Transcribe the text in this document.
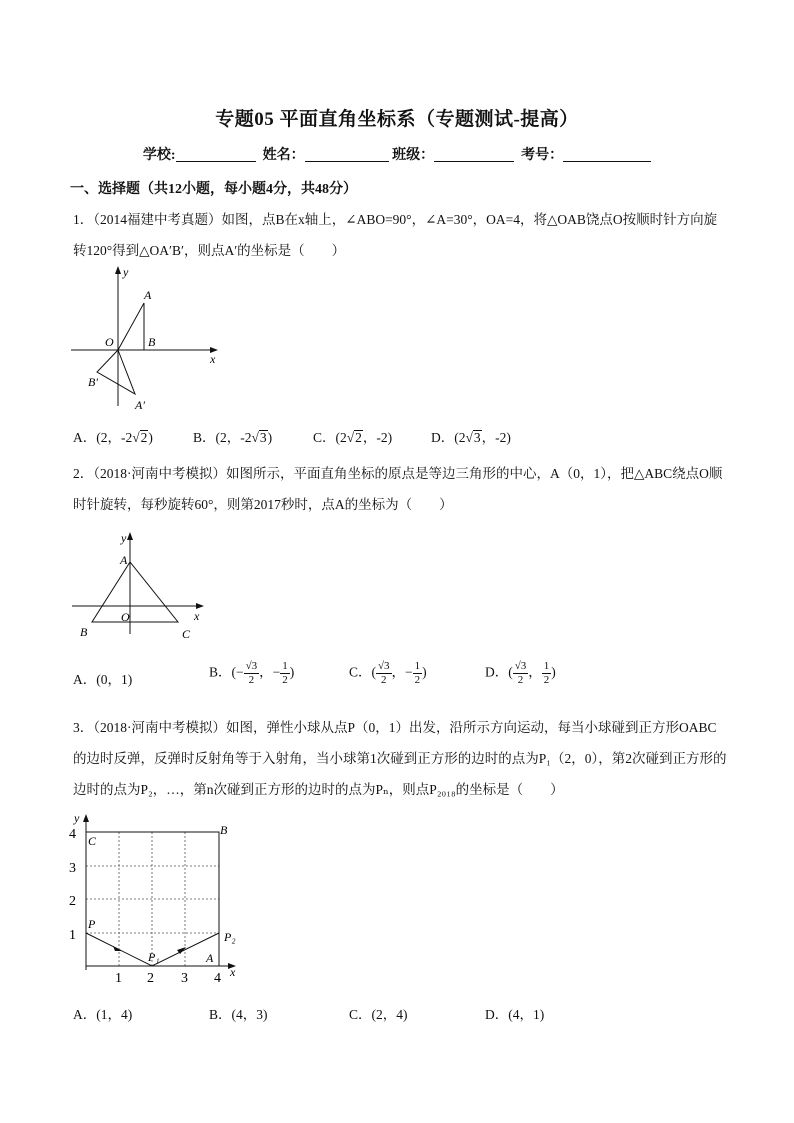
专题05 平面直角坐标系（专题测试-提高）
学校:	姓名：	班级：	考号：
一、选择题（共12小题，每小题4分，共48分）
1．（2014福建中考真题）如图，点B在x轴上，∠ABO=90°，∠A=30°，OA=4，将△OAB饶点O按顺时针方向旋转120°得到△OA′B′，则点A′的坐标是（　　）
y
x
O
A
B
B′
A′
A．(2，-2√2)	B．(2，-2√3)	C．(2√2，-2)	D．(2√3，-2)
2．（2018·河南中考模拟）如图所示，平面直角坐标的原点是等边三角形的中心，A（0，1），把△ABC绕点O顺时针旋转，每秒旋转60°，则第2017秒时，点A的坐标为（　　）
y
x
A
B	C
O
A．(0，1)	B．(− $\frac{√3}{2}$ ，− $\frac{1}{2}$ )	C．( $\frac{√3}{2}$ ，− $\frac{1}{2}$ )	D．( $\frac{√3}{2}$ ， $\frac{1}{2}$ )
3．（2018·河南中考模拟）如图，弹性小球从点P（0，1）出发，沿所示方向运动，每当小球碰到正方形OABC的边时反弹，反弹时反射角等于入射角，当小球第1次碰到正方形的边时的点为P₁（2，0），第2次碰到正方形的边时的点为P₂，…，第n次碰到正方形的边时的点为Pₙ，则点P₂₀₁₈的坐标是（　　）
4
3
2
1
1 2 3 4
y
x
C
B
P
P₁
P₂
A
A．(1，4)	B．(4，3)	C．(2，4)	D．(4，1)
